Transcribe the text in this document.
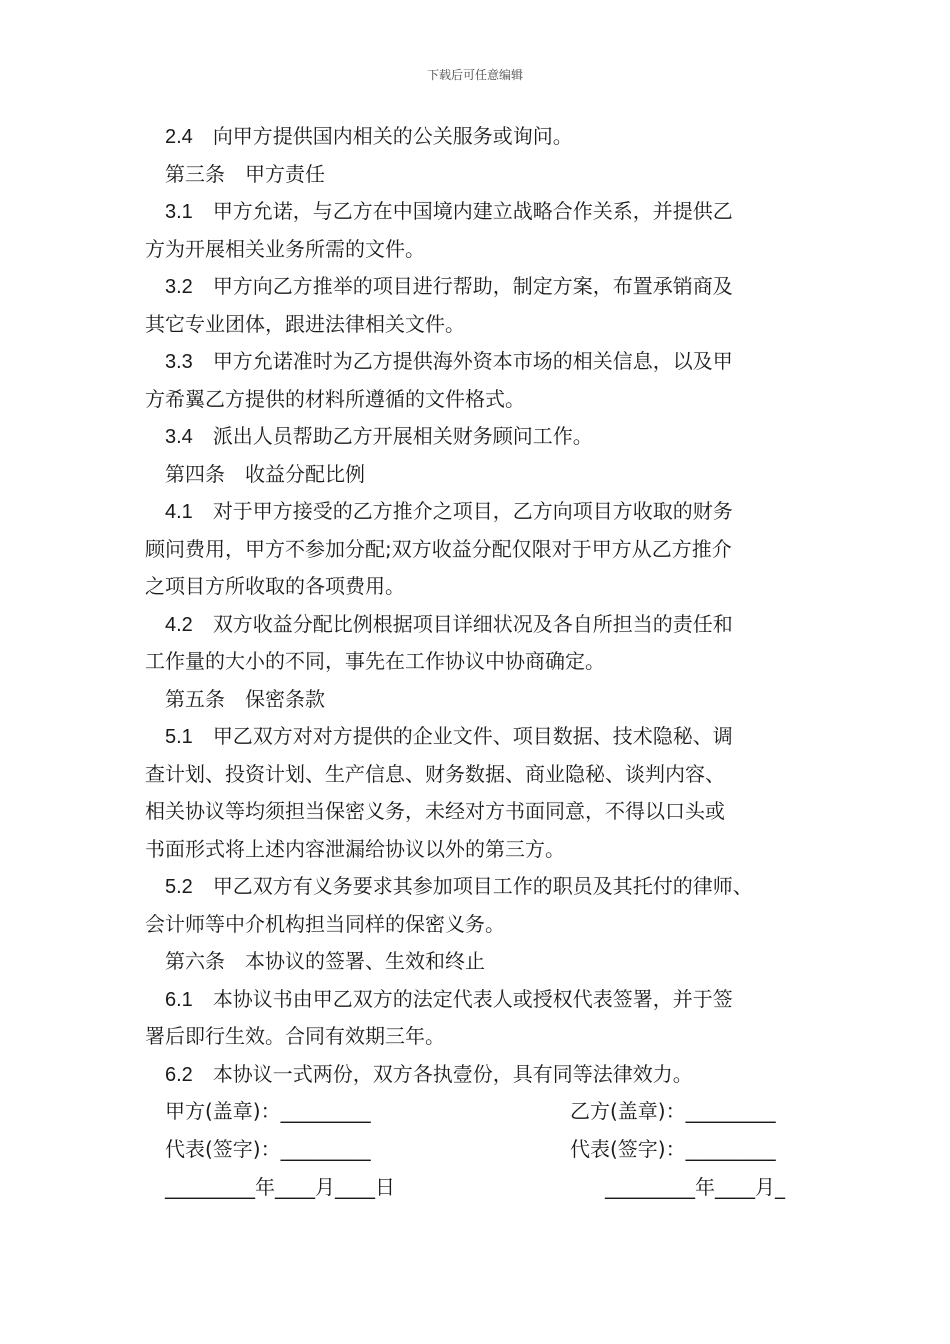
下载后可任意编辑
2.4 向甲方提供国内相关的公关服务或询问。
第三条　甲方责任
3.1 甲方允诺，与乙方在中国境内建立战略合作关系，并提供乙
方为开展相关业务所需的文件。
3.2 甲方向乙方推举的项目进行帮助，制定方案，布置承销商及
其它专业团体，跟进法律相关文件。
3.3 甲方允诺准时为乙方提供海外资本市场的相关信息，以及甲
方希翼乙方提供的材料所遵循的文件格式。
3.4 派出人员帮助乙方开展相关财务顾问工作。
第四条　收益分配比例
4.1 对于甲方接受的乙方推介之项目，乙方向项目方收取的财务
顾问费用，甲方不参加分配;双方收益分配仅限对于甲方从乙方推介
之项目方所收取的各项费用。
4.2 双方收益分配比例根据项目详细状况及各自所担当的责任和
工作量的大小的不同，事先在工作协议中协商确定。
第五条　保密条款
5.1 甲乙双方对对方提供的企业文件、项目数据、技术隐秘、调
查计划、投资计划、生产信息、财务数据、商业隐秘、谈判内容、
相关协议等均须担当保密义务，未经对方书面同意，不得以口头或
书面形式将上述内容泄漏给协议以外的第三方。
5.2 甲乙双方有义务要求其参加项目工作的职员及其托付的律师、
会计师等中介机构担当同样的保密义务。
第六条　本协议的签署、生效和终止
6.1 本协议书由甲乙双方的法定代表人或授权代表签署，并于签
署后即行生效。合同有效期三年。
6.2 本协议一式两份，双方各执壹份，具有同等法律效力。
甲方(盖章)：_________	乙方(盖章)：_________
代表(签字)：_________	代表(签字)：_________
_________年____月____日	_________年____月_
